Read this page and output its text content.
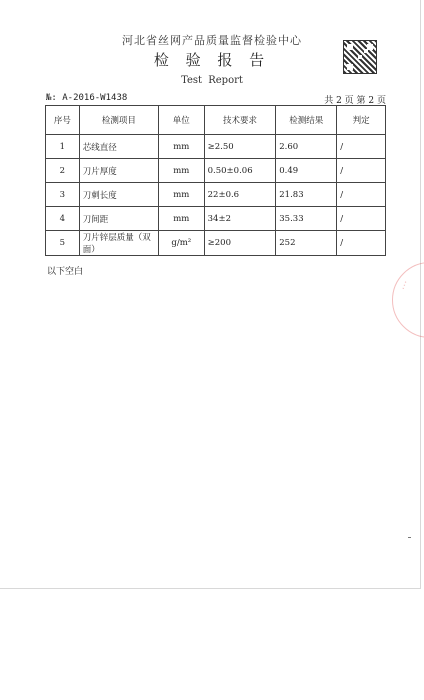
河北省丝网产品质量监督检验中心
检 验 报 告
Test Report
№: A-2016-W1438	共 2 页 第 2 页
序号	检测项目	单位	技术要求	检测结果	判定
1	芯线直径	mm	≥2.50	2.60	/
2	刀片厚度	mm	0.50±0.06	0.49	/
3	刀刺长度	mm	22±0.6	21.83	/
4	刀间距	mm	34±2	35.33	/
5	刀片锌层质量（双面）	g/m²	≥200	252	/
以下空白
⋯
